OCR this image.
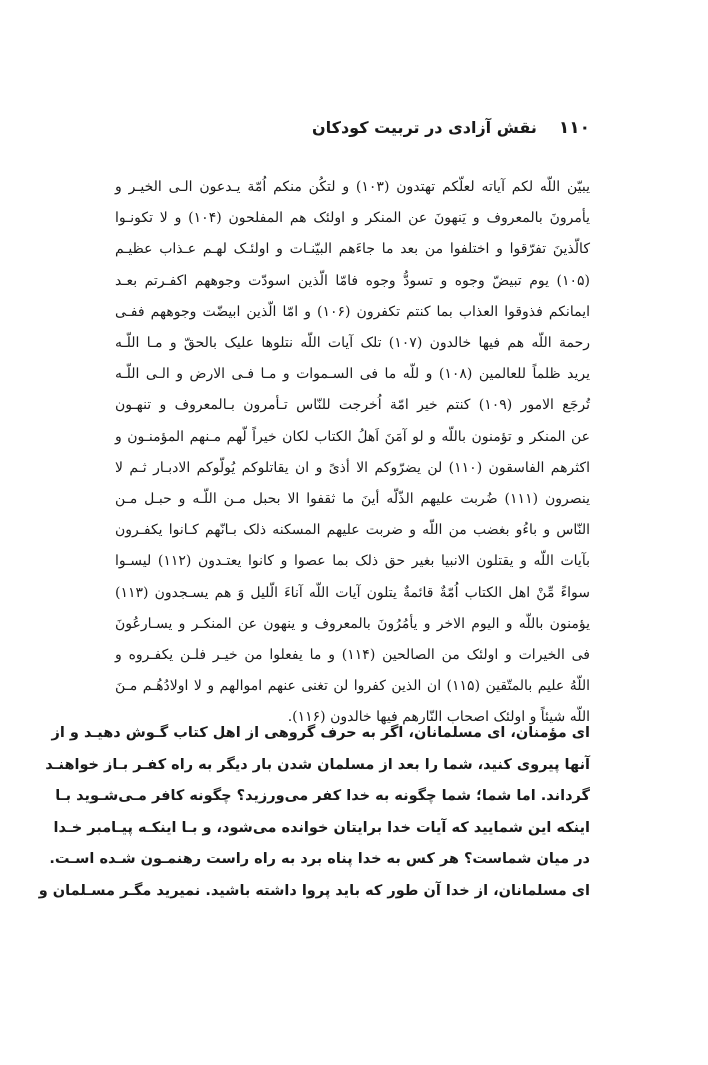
۱۱۰
نقش آزادی در تربیت کودکان
یبیّن اللّه لکم آیاته لعلّکم تهتدون (۱۰۳) و لتکُن منکم اُمّة یـدعون الـی الخیـر و
یأمرونَ بالمعروف و یَنهونَ عن المنکر و اولئک هم المفلحون (۱۰۴) و لا تکونـوا
کالّذینَ تفرّقوا و اختلفوا من بعد ما جاءَهم البیّنـات و اولئـک لهـم عـذاب عظیـم
(۱۰۵) یوم تبیضّ وجوه و تسودُّ وجوه فامّا الّذین اسودّت وجوههم اکفـرتم بعـد
ایمانکم فذوقوا العذاب بما کنتم تکفرون (۱۰۶) و امّا الّذین ابیضّت وجوههم ففـی
رحمة اللّه هم فیها خالدون (۱۰۷) تلک آیات اللّه نتلوها علیک بالحقّ و مـا اللّـه
یرید ظلماً للعالمین (۱۰۸) و للّه ما فی السـموات و مـا فـی الارض و الـی اللّـه
تُرجَع الامور (۱۰۹) کنتم خیر امّة اُخرجت للنّاس تـأمرون بـالمعروف و تنهـون
عن المنکر و تؤمنون باللّه و لو آمَنَ اَهلُ الکتاب لکان خیراً لّهم مـنهم المؤمنـون و
اکثرهم الفاسقون (۱۱۰) لن یضرّوکم الا أذیً و ان یقاتلوکم یُولّوکم الادبـار ثـم لا
ینصرون (۱۱۱) ضُربت علیهم الذّلّه أینَ ما ثقفوا الا بحبل مـن اللّـه و حبـل مـن
النّاس و باءُو بغضب من اللّه و ضربت علیهم المسکنه ذلک بـانّهم کـانوا یکفـرون
بآیات اللّه و یقتلون الانبیا بغیر حق ذلک بما عصوا و کانوا یعتـدون (۱۱۲) لیسـوا
سواءً مِّنْ اهل الکتاب اُمّةٌ قائمةٌ یتلون آیات اللّه آناءَ الّلیل وَ هم یسـجدون (۱۱۳)
یؤمنون باللّه و الیوم الاخر و یأمُرُونَ بالمعروف و ینهون عن المنکـر و یسـارعُونَ
فی الخیرات و اولئک من الصالحین (۱۱۴) و ما یفعلوا من خیـر فلـن یکفـروه و
اللّهُ علیم بالمتّقین (۱۱۵) ان الذین کفروا لن تغنی عنهم اموالهم و لا اولادُهُـم مـنَ
اللّه شیئاً و اولئک اصحاب النّارهم فیها خالدون (۱۱۶).
ای مؤمنان، ای مسلمانان، اگر به حرف گروهی از اهل کتاب گـوش دهیـد و از
آنها پیروی کنید، شما را بعد از مسلمان شدن بار دیگر به راه کفـر بـاز خواهنـد
گرداند. اما شما؛ شما چگونه به خدا کفر می‌ورزید؟ چگونه کافر مـی‌شـوید بـا
اینکه این شمایید که آیات خدا برایتان خوانده می‌شود، و بـا اینکـه پیـامبر خـدا
در میان شماست؟ هر کس به خدا پناه برد به راه راست رهنمـون شـده اسـت.
ای مسلمانان، از خدا آن طور که باید پروا داشته باشید. نمیرید مگـر مسـلمان و
